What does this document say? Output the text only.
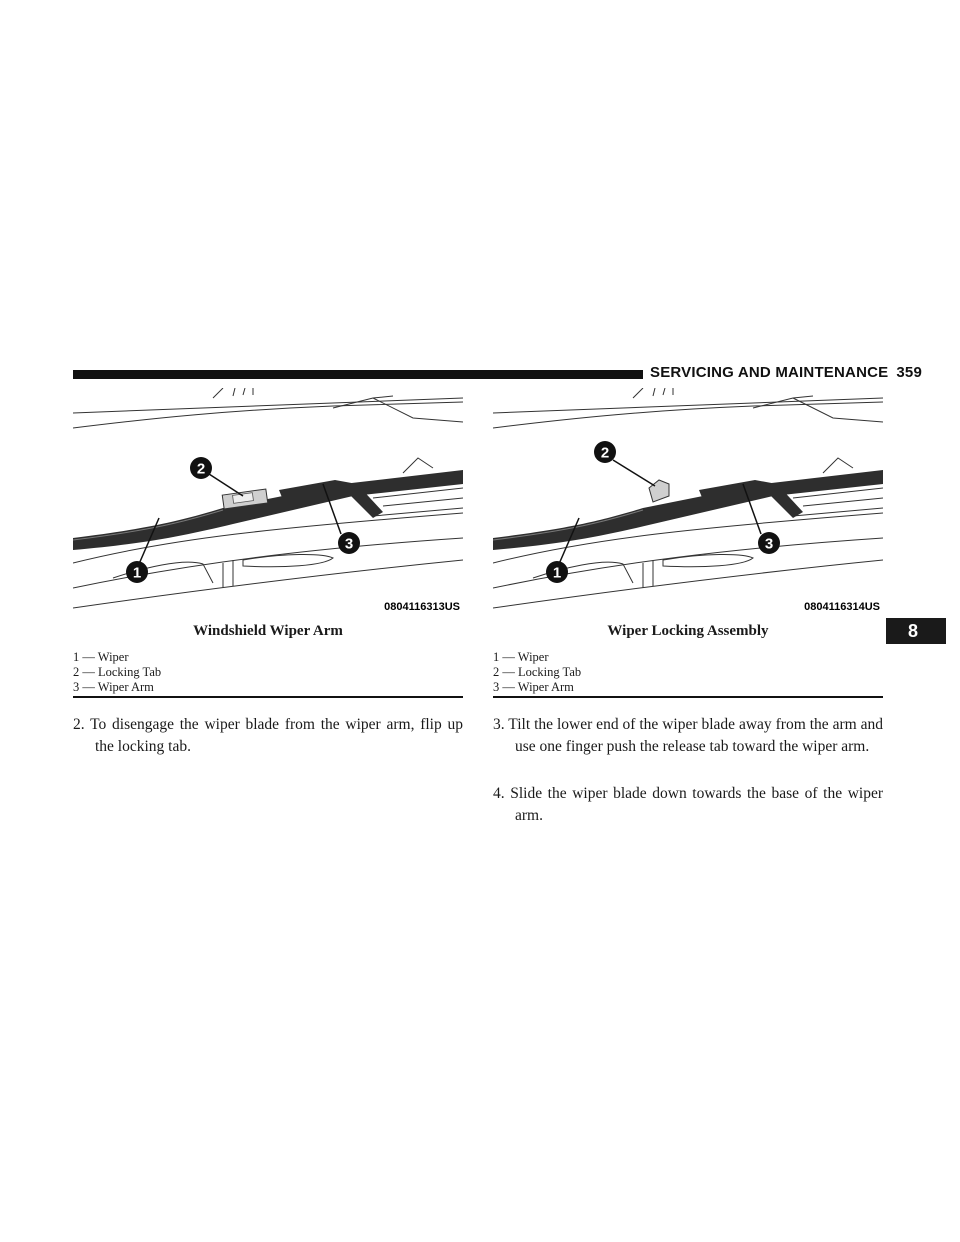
SERVICING AND MAINTENANCE 359
2
3
1
0804116313US
2
3
1
0804116314US
Windshield Wiper Arm	Wiper Locking Assembly
1 — Wiper
2 — Locking Tab
3 — Wiper Arm
1 — Wiper
2 — Locking Tab
3 — Wiper Arm
2. To disengage the wiper blade from the wiper arm, flip up the locking tab.
3. Tilt the lower end of the wiper blade away from the arm and use one finger push the release tab toward the wiper arm.
4. Slide the wiper blade down towards the base of the wiper arm.
8
